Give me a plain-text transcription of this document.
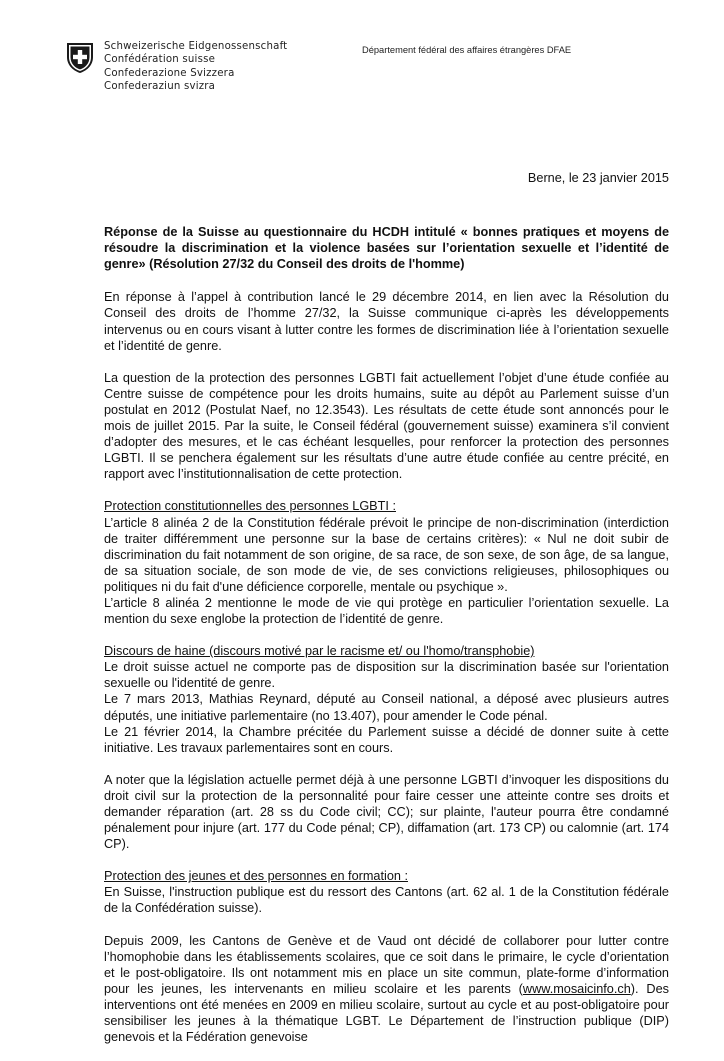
Schweizerische Eidgenossenschaft
Confédération suisse
Confederazione Svizzera
Confederaziun svizra
Département fédéral des affaires étrangères DFAE

Berne, le 23 janvier 2015

Réponse de la Suisse au questionnaire du HCDH intitulé « bonnes pratiques et moyens de résoudre la discrimination et la violence basées sur l’orientation sexuelle et l’identité de genre» (Résolution 27/32 du Conseil des droits de l'homme)

En réponse à l’appel à contribution lancé le 29 décembre 2014, en lien avec la Résolution du Conseil des droits de l’homme 27/32, la Suisse communique ci-après les développements intervenus ou en cours visant à lutter contre les formes de discrimination liée à l’orientation sexuelle et l’identité de genre.

La question de la protection des personnes LGBTI fait actuellement l’objet d’une étude confiée au Centre suisse de compétence pour les droits humains, suite au dépôt au Parlement suisse d’un postulat en 2012 (Postulat Naef, no 12.3543). Les résultats de cette étude sont annoncés pour le mois de juillet 2015. Par la suite, le Conseil fédéral (gouvernement suisse) examinera s’il convient d’adopter des mesures, et le cas échéant lesquelles, pour renforcer la protection des personnes LGBTI. Il se penchera également sur les résultats d’une autre étude confiée au centre précité, en rapport avec l’institutionnalisation de cette protection.

Protection constitutionnelles des personnes LGBTI :

L’article 8 alinéa 2 de la Constitution fédérale prévoit le principe de non-discrimination (interdiction de traiter différemment une personne sur la base de certains critères): « Nul ne doit subir de discrimination du fait notamment de son origine, de sa race, de son sexe, de son âge, de sa langue, de sa situation sociale, de son mode de vie, de ses convictions religieuses, philosophiques ou politiques ni du fait d'une déficience corporelle, mentale ou psychique ».

L’article 8 alinéa 2 mentionne le mode de vie qui protège en particulier l’orientation sexuelle. La mention du sexe englobe la protection de l’identité de genre.

Discours de haine (discours motivé par le racisme et/ ou l'homo/transphobie)

Le droit suisse actuel ne comporte pas de disposition sur la discrimination basée sur l'orientation sexuelle ou l'identité de genre.

Le 7 mars 2013, Mathias Reynard, député au Conseil national, a déposé avec plusieurs autres députés, une initiative parlementaire (no 13.407), pour amender le Code pénal.

Le 21 février 2014, la Chambre précitée du Parlement suisse a décidé de donner suite à cette initiative. Les travaux parlementaires sont en cours.

A noter que la législation actuelle permet déjà à une personne LGBTI d’invoquer les dispositions du droit civil sur la protection de la personnalité pour faire cesser une atteinte contre ses droits et demander réparation (art. 28 ss du Code civil; CC); sur plainte, l'auteur pourra être condamné pénalement pour injure (art. 177 du Code pénal; CP), diffamation (art. 173 CP) ou calomnie (art. 174 CP).

Protection des jeunes et des personnes en formation :

En Suisse, l'instruction publique est du ressort des Cantons (art. 62 al. 1 de la Constitution fédérale de la Confédération suisse).

Depuis 2009, les Cantons de Genève et de Vaud ont décidé de collaborer pour lutter contre l’homophobie dans les établissements scolaires, que ce soit dans le primaire, le cycle d’orientation et le post-obligatoire. Ils ont notamment mis en place un site commun, plate-forme d’information pour les jeunes, les intervenants en milieu scolaire et les parents (www.mosaicinfo.ch). Des interventions ont été menées en 2009 en milieu scolaire, surtout au cycle et au post-obligatoire pour sensibiliser les jeunes à la thématique LGBT. Le Département de l’instruction publique (DIP) genevois et la Fédération genevoise
